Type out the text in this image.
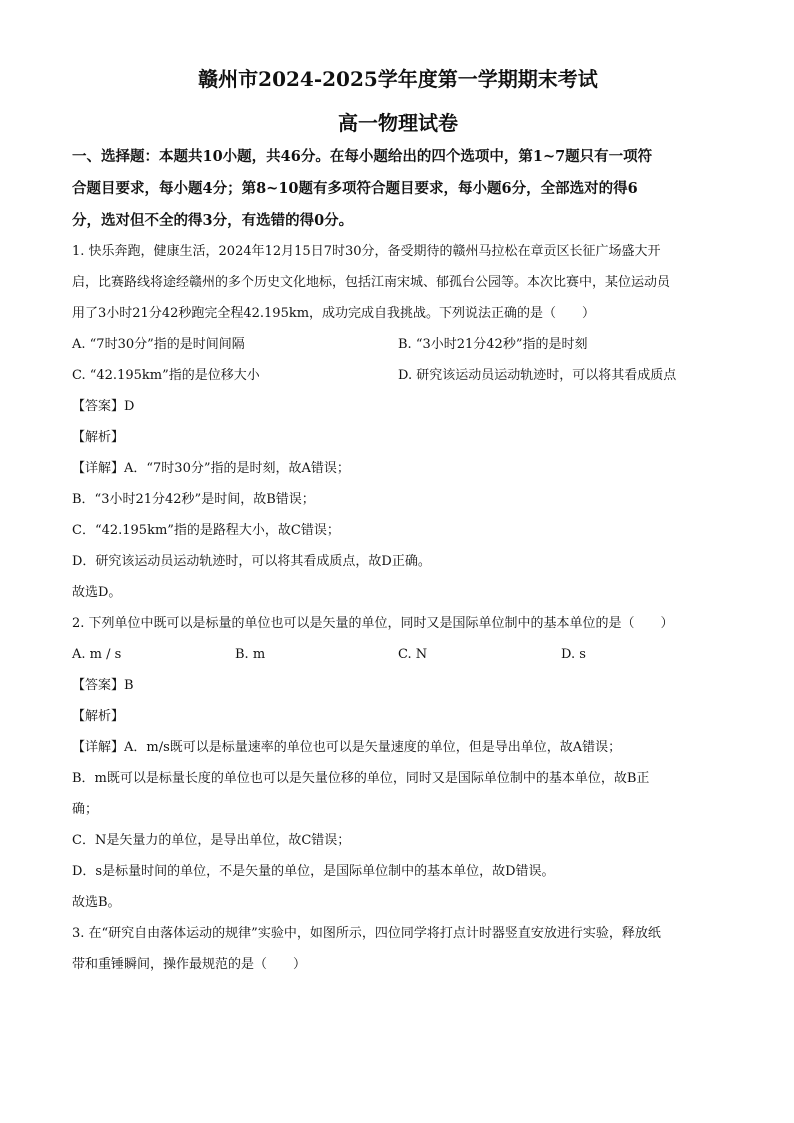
赣州市2024-2025学年度第一学期期末考试
高一物理试卷
一、选择题：本题共10小题，共46分。在每小题给出的四个选项中，第1~7题只有一项符
合题目要求，每小题4分；第8~10题有多项符合题目要求，每小题6分，全部选对的得6
分，选对但不全的得3分，有选错的得0分。
1. 快乐奔跑，健康生活，2024年12月15日7时30分，备受期待的赣州马拉松在章贡区长征广场盛大开
启，比赛路线将途经赣州的多个历史文化地标，包括江南宋城、郁孤台公园等。本次比赛中，某位运动员
用了3小时21分42秒跑完全程42.195km，成功完成自我挑战。下列说法正确的是（　　）
A. “7时30分”指的是时间间隔	B. “3小时21分42秒”指的是时刻
C. “42.195km”指的是位移大小	D. 研究该运动员运动轨迹时，可以将其看成质点
【答案】D
【解析】
【详解】A．“7时30分”指的是时刻，故A错误；
B．“3小时21分42秒”是时间，故B错误；
C．“42.195km”指的是路程大小，故C错误；
D．研究该运动员运动轨迹时，可以将其看成质点，故D正确。
故选D。
2. 下列单位中既可以是标量的单位也可以是矢量的单位，同时又是国际单位制中的基本单位的是（　　）
A. m / s	B. m	C. N	D. s
【答案】B
【解析】
【详解】A．m/s既可以是标量速率的单位也可以是矢量速度的单位，但是导出单位，故A错误；
B．m既可以是标量长度的单位也可以是矢量位移的单位，同时又是国际单位制中的基本单位，故B正
确；
C．N是矢量力的单位，是导出单位，故C错误；
D．s是标量时间的单位，不是矢量的单位，是国际单位制中的基本单位，故D错误。
故选B。
3. 在“研究自由落体运动的规律”实验中，如图所示，四位同学将打点计时器竖直安放进行实验，释放纸
带和重锤瞬间，操作最规范的是（　　）
